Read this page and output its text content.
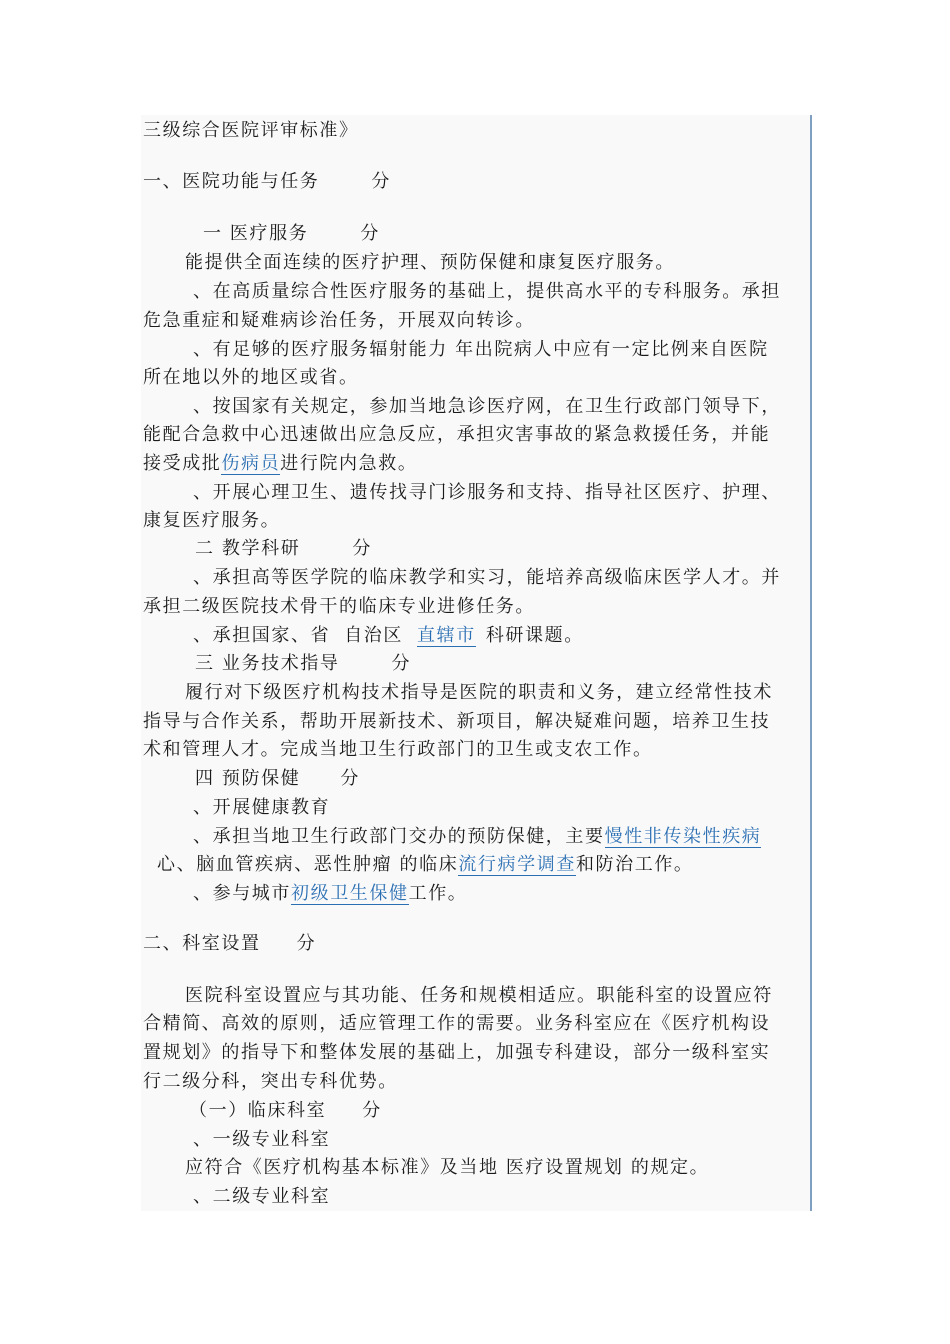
三级综合医院评审标准》
一、医院功能与任务	分
一 医疗服务	分
能提供全面连续的医疗护理、预防保健和康复医疗服务。
、在高质量综合性医疗服务的基础上，提供高水平的专科服务。承担
危急重症和疑难病诊治任务，开展双向转诊。
、有足够的医疗服务辐射能力 年出院病人中应有一定比例来自医院
所在地以外的地区或省。
、按国家有关规定，参加当地急诊医疗网，在卫生行政部门领导下，
能配合急救中心迅速做出应急反应，承担灾害事故的紧急救援任务，并能
接受成批伤病员进行院内急救。
、开展心理卫生、遗传找寻门诊服务和支持、指导社区医疗、护理、
康复医疗服务。
二 教学科研	分
、承担高等医学院的临床教学和实习，能培养高级临床医学人才。并
承担二级医院技术骨干的临床专业进修任务。
、承担国家、省 自治区 直辖市 科研课题。
三 业务技术指导	分
履行对下级医疗机构技术指导是医院的职责和义务，建立经常性技术
指导与合作关系，帮助开展新技术、新项目，解决疑难问题，培养卫生技
术和管理人才。完成当地卫生行政部门的卫生或支农工作。
四 预防保健 分
、开展健康教育
、承担当地卫生行政部门交办的预防保健，主要慢性非传染性疾病
心、脑血管疾病、恶性肿瘤 的临床流行病学调查和防治工作。
、参与城市初级卫生保健工作。
二、科室设置 分
医院科室设置应与其功能、任务和规模相适应。职能科室的设置应符
合精简、高效的原则，适应管理工作的需要。业务科室应在《医疗机构设
置规划》的指导下和整体发展的基础上，加强专科建设，部分一级科室实
行二级分科，突出专科优势。
（一）临床科室 分
、一级专业科室
应符合《医疗机构基本标准》及当地 医疗设置规划 的规定。
、二级专业科室
